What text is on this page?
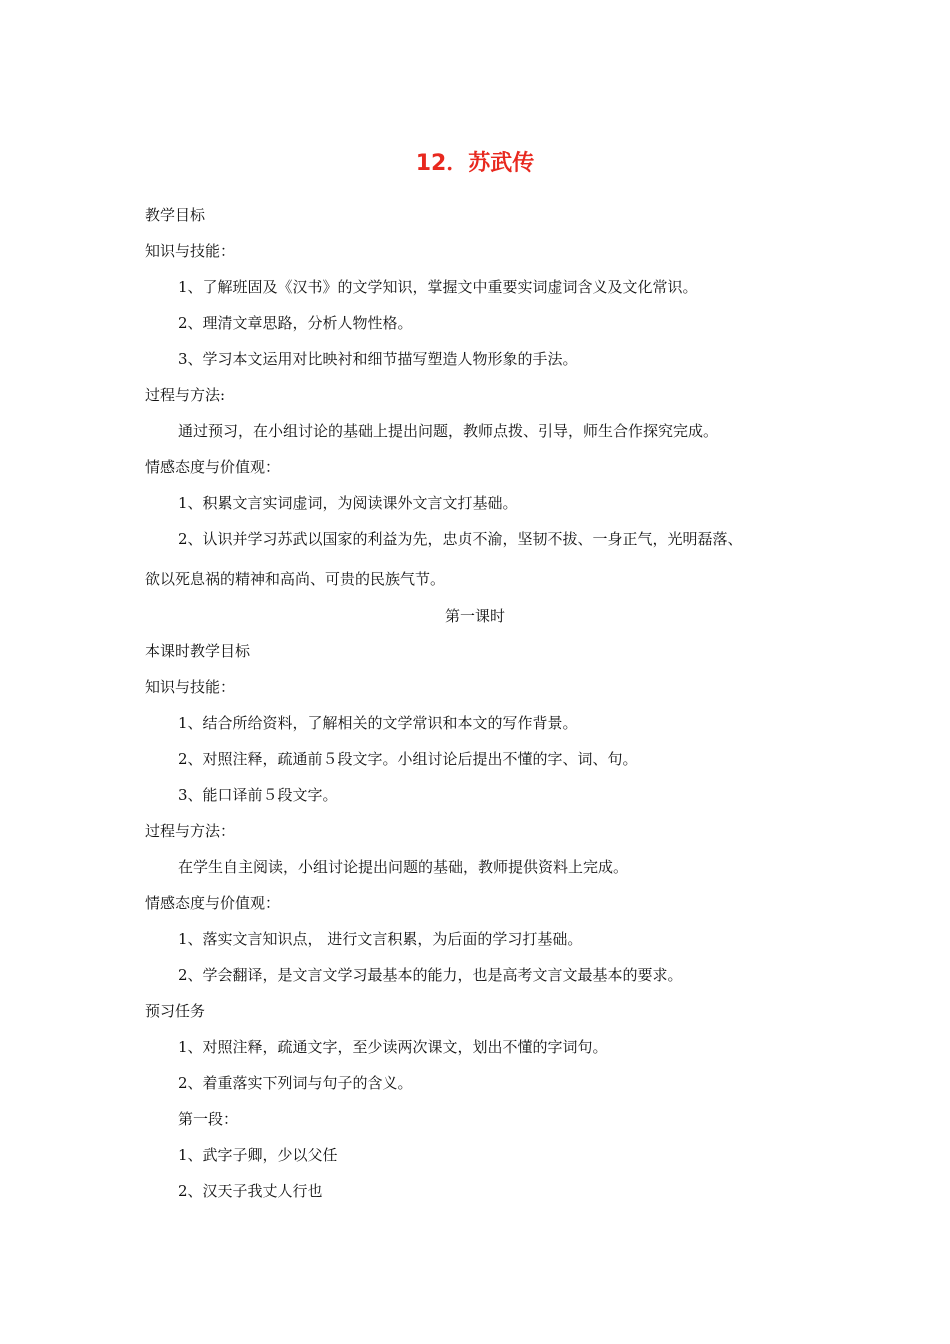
12．苏武传
教学目标
知识与技能：
1、了解班固及《汉书》的文学知识，掌握文中重要实词虚词含义及文化常识。
2、理清文章思路，分析人物性格。
3、学习本文运用对比映衬和细节描写塑造人物形象的手法。
过程与方法:
通过预习，在小组讨论的基础上提出问题，教师点拨、引导，师生合作探究完成。
情感态度与价值观：
1、积累文言实词虚词，为阅读课外文言文打基础。
2、认识并学习苏武以国家的利益为先，忠贞不渝，坚韧不拔、一身正气，光明磊落、
欲以死息祸的精神和高尚、可贵的民族气节。
第一课时
本课时教学目标
知识与技能：
1、结合所给资料，了解相关的文学常识和本文的写作背景。
2、对照注释，疏通前５段文字。小组讨论后提出不懂的字、词、句。
3、能口译前５段文字。
过程与方法：
在学生自主阅读，小组讨论提出问题的基础，教师提供资料上完成。
情感态度与价值观：
1、落实文言知识点， 进行文言积累，为后面的学习打基础。
2、学会翻译，是文言文学习最基本的能力，也是高考文言文最基本的要求。
预习任务
1、对照注释，疏通文字，至少读两次课文，划出不懂的字词句。
2、着重落实下列词与句子的含义。
第一段：
1、武字子卿，少以父任
2、汉天子我丈人行也
